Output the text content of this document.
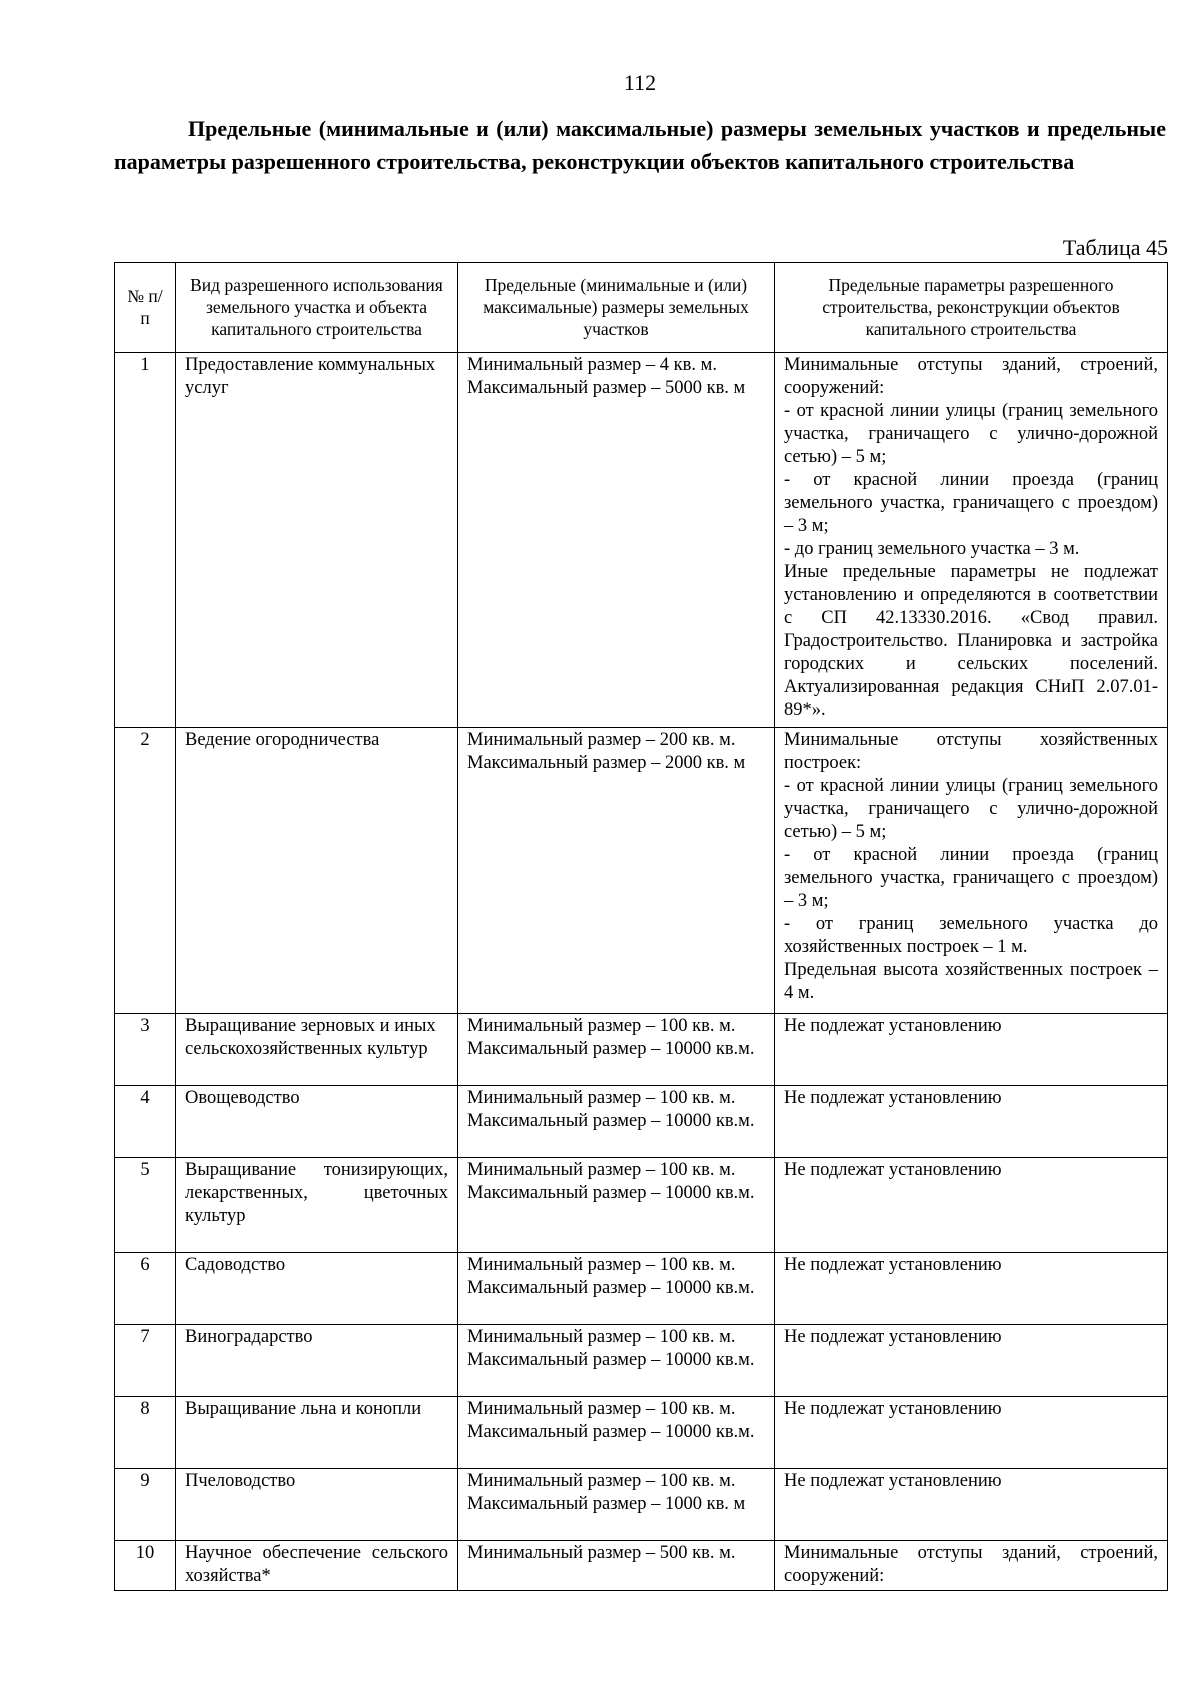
112
Предельные (минимальные и (или) максимальные) размеры земельных участков и предельные параметры разрешенного строительства, реконструкции объектов капитального строительства
Таблица 45
№ п/п	Вид разрешенного использования земельного участка и объекта капитального строительства	Предельные (минимальные и (или) максимальные) размеры земельных участков	Предельные параметры разрешенного строительства, реконструкции объектов капитального строительства
1	Предоставление коммунальных услуг	Минимальный размер – 4 кв. м.
Максимальный размер – 5000 кв. м	Минимальные отступы зданий, строений, сооружений:
- от красной линии улицы (границ земельного участка, граничащего с улично-дорожной сетью) – 5 м;
- от красной линии проезда (границ земельного участка, граничащего с проездом) – 3 м;
- до границ земельного участка – 3 м.
Иные предельные параметры не подлежат установлению и определяются в соответствии с СП 42.13330.2016. «Свод правил. Градостроительство. Планировка и застройка городских и сельских поселений. Актуализированная редакция СНиП 2.07.01-89*».

2	Ведение огородничества	Минимальный размер – 200 кв. м.
Максимальный размер – 2000 кв. м	Минимальные отступы хозяйственных построек:
- от красной линии улицы (границ земельного участка, граничащего с улично-дорожной сетью) – 5 м;
- от красной линии проезда (границ земельного участка, граничащего с проездом) – 3 м;
- от границ земельного участка до хозяйственных построек – 1 м.
Предельная высота хозяйственных построек – 4 м.

3	Выращивание зерновых и иных сельскохозяйственных культур	Минимальный размер – 100 кв. м.
Максимальный размер – 10000 кв.м.	Не подлежат установлению

4	Овощеводство	Минимальный размер – 100 кв. м.
Максимальный размер – 10000 кв.м.	Не подлежат установлению

5	Выращивание тонизирующих, лекарственных, цветочных культур	Минимальный размер – 100 кв. м.
Максимальный размер – 10000 кв.м.	Не подлежат установлению

6	Садоводство	Минимальный размер – 100 кв. м.
Максимальный размер – 10000 кв.м.	Не подлежат установлению

7	Виноградарство	Минимальный размер – 100 кв. м.
Максимальный размер – 10000 кв.м.	Не подлежат установлению

8	Выращивание льна и конопли	Минимальный размер – 100 кв. м.
Максимальный размер – 10000 кв.м.	Не подлежат установлению

9	Пчеловодство	Минимальный размер – 100 кв. м.
Максимальный размер – 1000 кв. м	Не подлежат установлению

10	Научное обеспечение сельского хозяйства*	Минимальный размер – 500 кв. м.	Минимальные отступы зданий, строений, сооружений:
